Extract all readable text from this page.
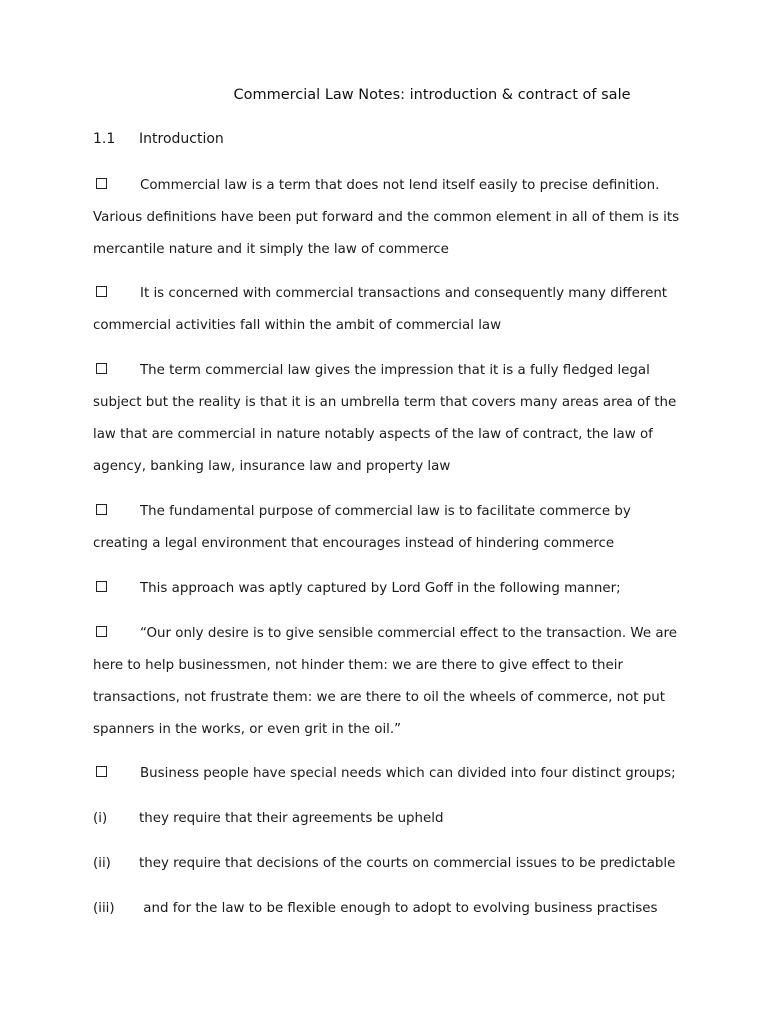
Commercial Law Notes: introduction & contract of sale
1.1 Introduction
Commercial law is a term that does not lend itself easily to precise definition. Various definitions have been put forward and the common element in all of them is its mercantile nature and it simply the law of commerce
It is concerned with commercial transactions and consequently many different commercial activities fall within the ambit of commercial law
The term commercial law gives the impression that it is a fully fledged legal subject but the reality is that it is an umbrella term that covers many areas area of the law that are commercial in nature notably aspects of the law of contract, the law of agency, banking law, insurance law and property law
The fundamental purpose of commercial law is to facilitate commerce by creating a legal environment that encourages instead of hindering commerce
This approach was aptly captured by Lord Goff in the following manner;
“Our only desire is to give sensible commercial effect to the transaction. We are here to help businessmen, not hinder them: we are there to give effect to their transactions, not frustrate them: we are there to oil the wheels of commerce, not put spanners in the works, or even grit in the oil.”
Business people have special needs which can divided into four distinct groups;
(i) they require that their agreements be upheld
(ii) they require that decisions of the courts on commercial issues to be predictable
(iii) and for the law to be flexible enough to adopt to evolving business practises
